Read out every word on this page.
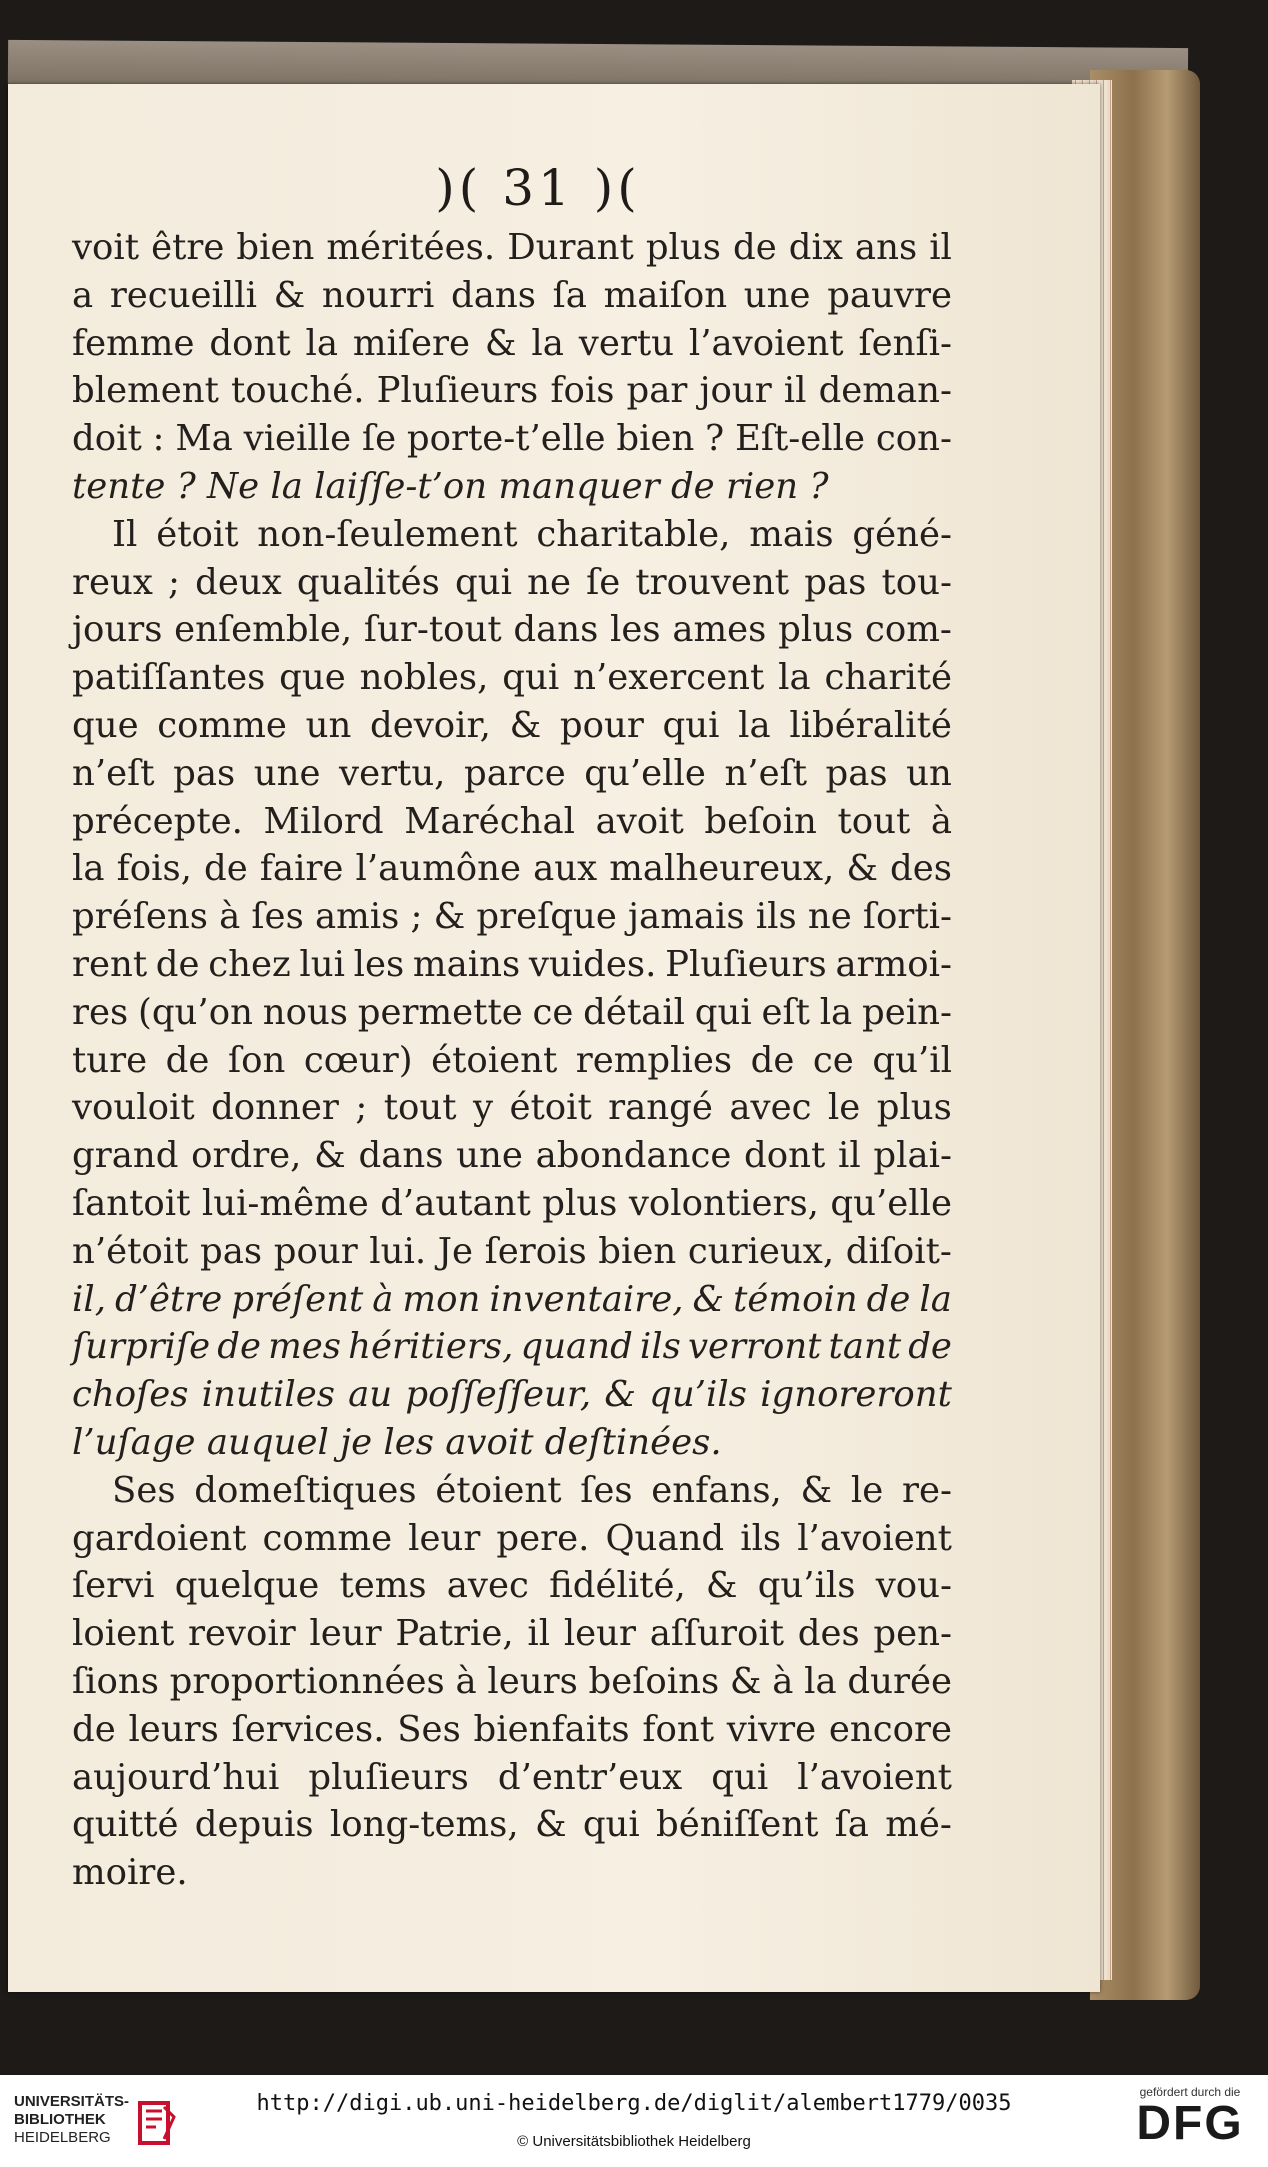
)( 31 )(
voit être bien méritées. Durant plus de dix ans il
a recueilli & nourri dans ſa maiſon une pauvre
femme dont la miſere & la vertu l’avoient ſenſi-
blement touché. Pluſieurs fois par jour il deman-
doit : Ma vieille ſe porte-t’elle bien ? Eſt-elle con-
tente ? Ne la laiſſe-t’on manquer de rien ?
Il étoit non-ſeulement charitable, mais géné-
reux ; deux qualités qui ne ſe trouvent pas tou-
jours enſemble, ſur-tout dans les ames plus com-
patiſſantes que nobles, qui n’exercent la charité
que comme un devoir, & pour qui la libéralité
n’eſt pas une vertu, parce qu’elle n’eſt pas un
précepte. Milord Maréchal avoit beſoin tout à
la fois, de faire l’aumône aux malheureux, & des
préſens à ſes amis ; & preſque jamais ils ne ſorti-
rent de chez lui les mains vuides. Pluſieurs armoi-
res (qu’on nous permette ce détail qui eſt la pein-
ture de ſon cœur) étoient remplies de ce qu’il
vouloit donner ; tout y étoit rangé avec le plus
grand ordre, & dans une abondance dont il plai-
ſantoit lui-même d’autant plus volontiers, qu’elle
n’étoit pas pour lui. Je ſerois bien curieux, diſoit-
il, d’être préſent à mon inventaire, & témoin de la
ſurpriſe de mes héritiers, quand ils verront tant de
choſes inutiles au poſſeſſeur, & qu’ils ignoreront
l’uſage auquel je les avoit deſtinées.
Ses domeſtiques étoient ſes enfans, & le re-
gardoient comme leur pere. Quand ils l’avoient
ſervi quelque tems avec fidélité, & qu’ils vou-
loient revoir leur Patrie, il leur aſſuroit des pen-
ſions proportionnées à leurs beſoins & à la durée
de leurs ſervices. Ses bienfaits font vivre encore
aujourd’hui pluſieurs d’entr’eux qui l’avoient
quitté depuis long-tems, & qui béniſſent ſa mé-
moire.
UNIVERSITÄTS-
BIBLIOTHEK
HEIDELBERG
http://digi.ub.uni-heidelberg.de/diglit/alembert1779/0035
© Universitätsbibliothek Heidelberg
gefördert durch die
DFG
